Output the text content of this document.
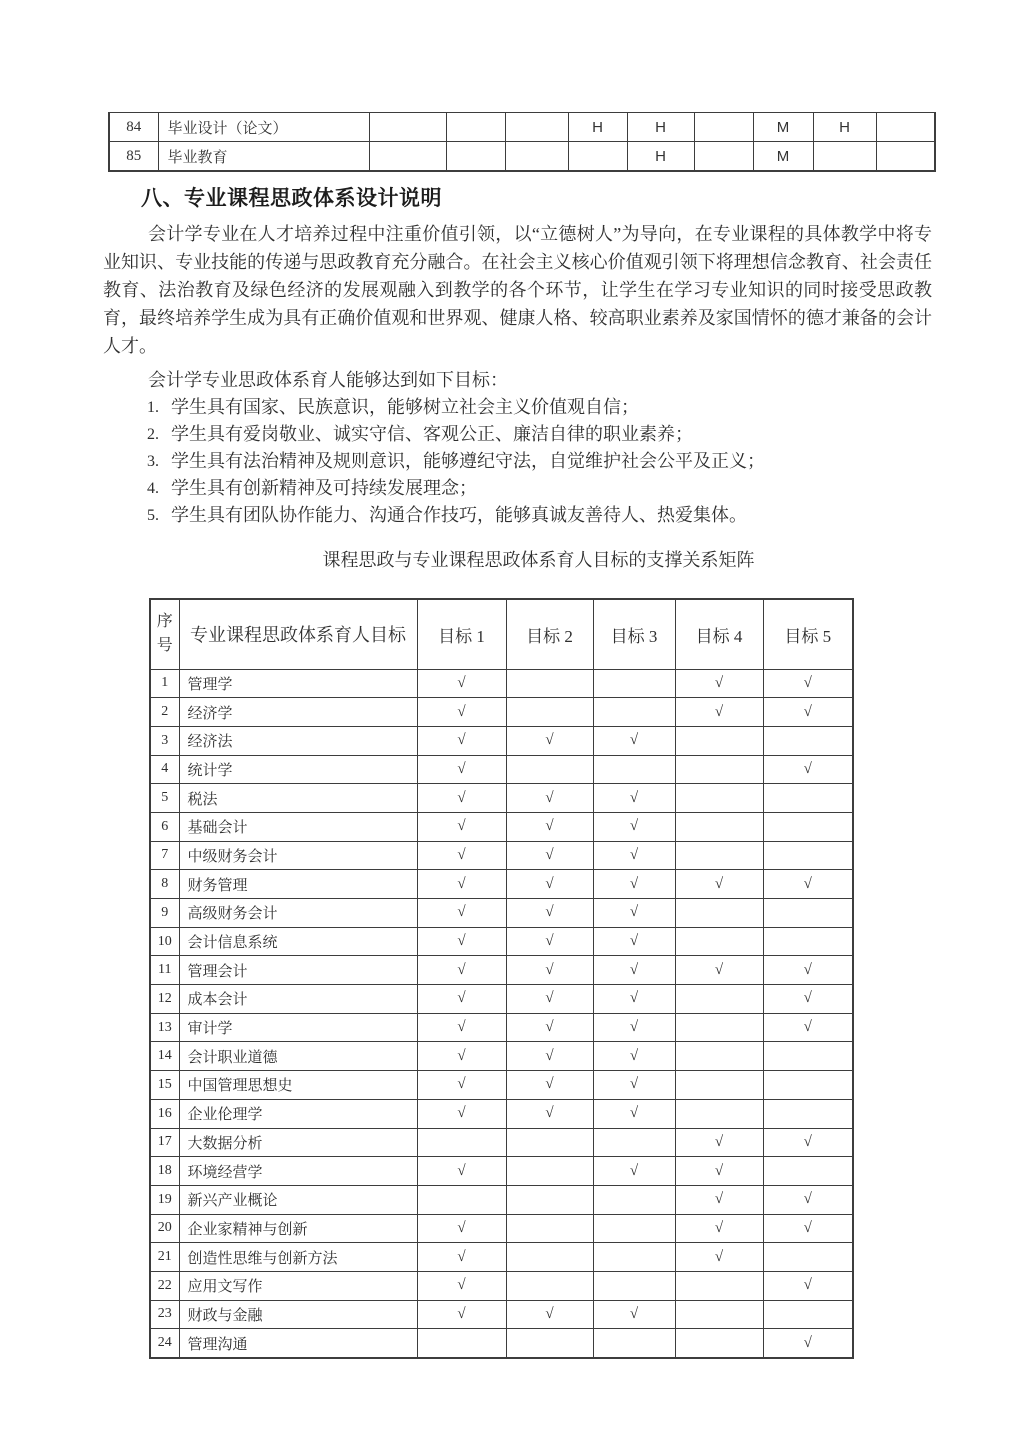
84	毕业设计（论文）				H	H		M	H	
85	毕业教育					H		M		
八、专业课程思政体系设计说明

会计学专业在人才培养过程中注重价值引领，以“立德树人”为导向，在专业课程的具体教学中将专业知识、专业技能的传递与思政教育充分融合。在社会主义核心价值观引领下将理想信念教育、社会责任教育、法治教育及绿色经济的发展观融入到教学的各个环节，让学生在学习专业知识的同时接受思政教育，最终培养学生成为具有正确价值观和世界观、健康人格、较高职业素养及家国情怀的德才兼备的会计人才。

会计学专业思政体系育人能够达到如下目标：

1. 学生具有国家、民族意识，能够树立社会主义价值观自信；
2. 学生具有爱岗敬业、诚实守信、客观公正、廉洁自律的职业素养；
3. 学生具有法治精神及规则意识，能够遵纪守法，自觉维护社会公平及正义；
4. 学生具有创新精神及可持续发展理念；
5. 学生具有团队协作能力、沟通合作技巧，能够真诚友善待人、热爱集体。
课程思政与专业课程思政体系育人目标的支撑关系矩阵
序号	专业课程思政体系育人目标	目标 1	目标 2	目标 3	目标 4	目标 5
1	管理学	√			√	√
2	经济学	√			√	√
3	经济法	√	√	√		
4	统计学	√				√
5	税法	√	√	√		
6	基础会计	√	√	√		
7	中级财务会计	√	√	√		
8	财务管理	√	√	√	√	√
9	高级财务会计	√	√	√		
10	会计信息系统	√	√	√		
11	管理会计	√	√	√	√	√
12	成本会计	√	√	√		√
13	审计学	√	√	√		√
14	会计职业道德	√	√	√		
15	中国管理思想史	√	√	√		
16	企业伦理学	√	√	√		
17	大数据分析				√	√
18	环境经营学	√		√	√	
19	新兴产业概论				√	√
20	企业家精神与创新	√			√	√
21	创造性思维与创新方法	√			√	
22	应用文写作	√				√
23	财政与金融	√	√	√		
24	管理沟通					√
